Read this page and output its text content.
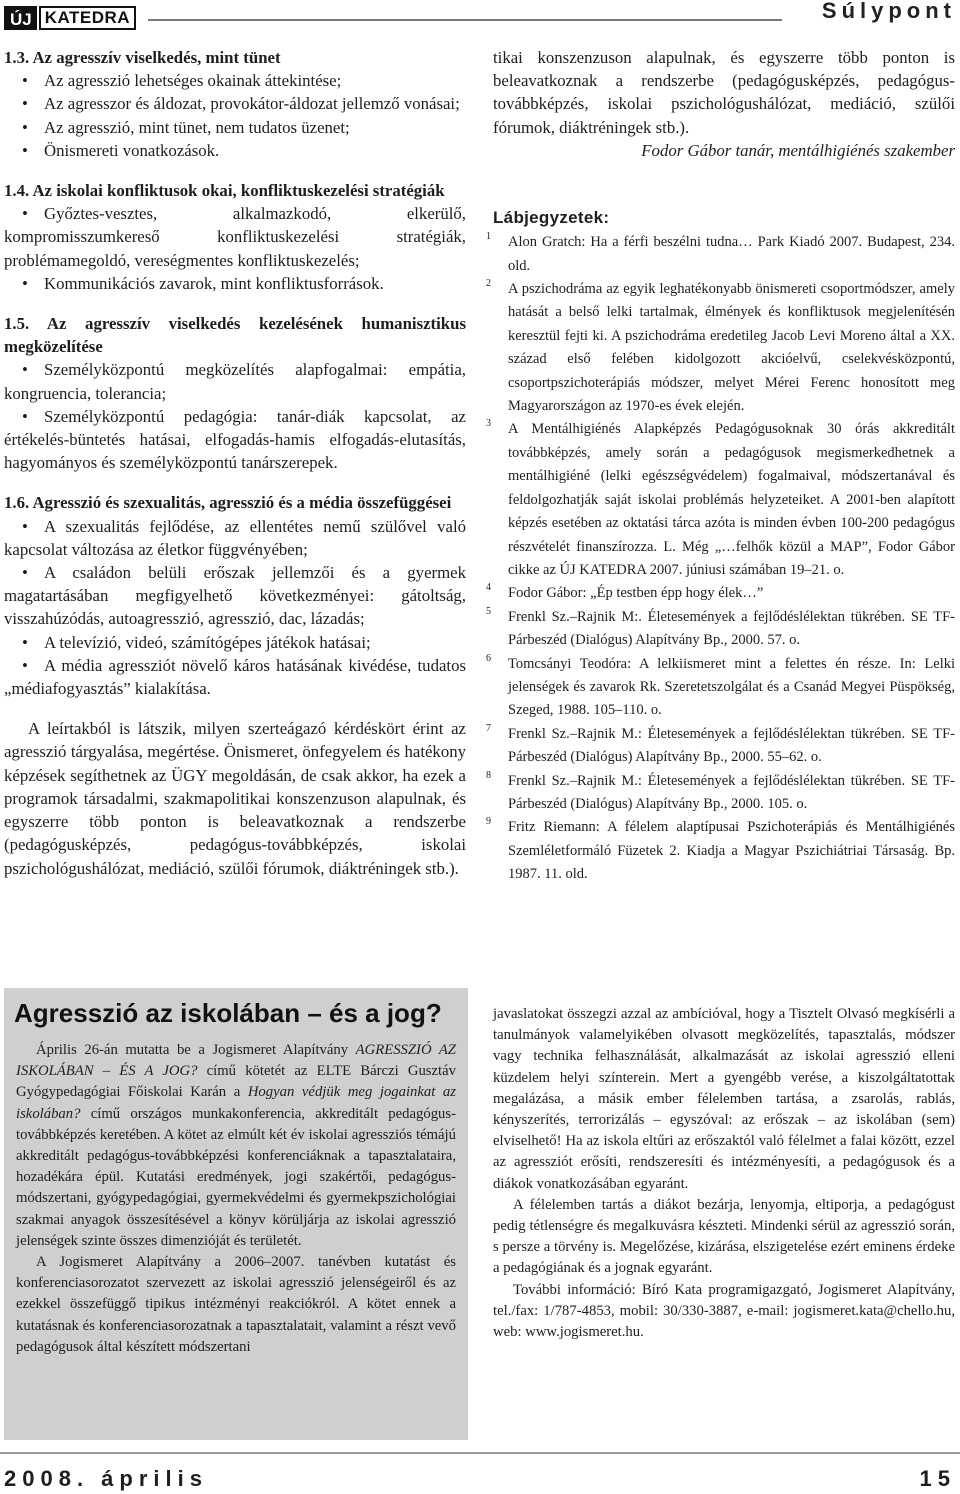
ÚJ KATEDRA	Súlypont

1.3. Az agresszív viselkedés, mint tünet

• Az agresszió lehetséges okainak áttekintése;

• Az agresszor és áldozat, provokátor-áldozat jellemző vonásai;

• Az agresszió, mint tünet, nem tudatos üzenet;

• Önismereti vonatkozások.

1.4. Az iskolai konfliktusok okai, konfliktuskezelési stratégiák

• Győztes-vesztes, alkalmazkodó, elkerülő, kompromisszumkereső konfliktuskezelési stratégiák, problémamegoldó, vereségmentes konfliktuskezelés;

• Kommunikációs zavarok, mint konfliktusforrások.

1.5. Az agresszív viselkedés kezelésének humanisztikus megközelítése

• Személyközpontú megközelítés alapfogalmai: empátia, kongruencia, tolerancia;

• Személyközpontú pedagógia: tanár-diák kapcsolat, az értékelés-büntetés hatásai, elfogadás-hamis elfogadás-elutasítás, hagyományos és személyközpontú tanárszerepek.

1.6. Agresszió és szexualitás, agresszió és a média összefüggései

• A szexualitás fejlődése, az ellentétes nemű szülővel való kapcsolat változása az életkor függvényében;

• A családon belüli erőszak jellemzői és a gyermek magatartásában megfigyelhető következményei: gátoltság, visszahúzódás, autoagresszió, agresszió, dac, lázadás;

• A televízió, videó, számítógépes játékok hatásai;

• A média agressziót növelő káros hatásának kivédése, tudatos „médiafogyasztás” kialakítása.

A leírtakból is látszik, milyen szerteágazó kérdéskört érint az agresszió tárgyalása, megértése. Önismeret, önfegyelem és hatékony képzések segíthetnek az ÜGY megoldásán, de csak akkor, ha ezek a programok társadalmi, szakmapolitikai konszenzuson alapulnak, és egyszerre több ponton is beleavatkoznak a rendszerbe (pedagógusképzés, pedagógus-továbbképzés, iskolai pszichológushálózat, mediáció, szülői fórumok, diáktréningek stb.).

tikai konszenzuson alapulnak, és egyszerre több ponton is beleavatkoznak a rendszerbe (pedagógusképzés, pedagógus-továbbképzés, iskolai pszichológushálózat, mediáció, szülői fórumok, diáktréningek stb.).

Fodor Gábor tanár, mentálhigiénés szakember

Lábjegyzetek:

1 Alon Gratch: Ha a férfi beszélni tudna… Park Kiadó 2007. Budapest, 234. old.

2 A pszichodráma az egyik leghatékonyabb önismereti csoportmódszer, amely hatását a belső lelki tartalmak, élmények és konfliktusok megjelenítésén keresztül fejti ki. A pszichodráma eredetileg Jacob Levi Moreno által a XX. század első felében kidolgozott akcióelvű, cselekvésközpontú, csoportpszichoterápiás módszer, melyet Mérei Ferenc honosított meg Magyarországon az 1970-es évek elején.

3 A Mentálhigiénés Alapképzés Pedagógusoknak 30 órás akkreditált továbbképzés, amely során a pedagógusok megismerkedhetnek a mentálhigiéné (lelki egészségvédelem) fogalmaival, módszertanával és feldolgozhatják saját iskolai problémás helyzeteiket. A 2001-ben alapított képzés esetében az oktatási tárca azóta is minden évben 100-200 pedagógus részvételét finanszírozza. L. Még „…felhők közül a MAP”, Fodor Gábor cikke az ÚJ KATEDRA 2007. júniusi számában 19–21. o.

4 Fodor Gábor: „Ép testben épp hogy élek…”

5 Frenkl Sz.–Rajnik M:. Életesemények a fejlődéslélektan tükrében. SE TF-Párbeszéd (Dialógus) Alapítvány Bp., 2000. 57. o.

6 Tomcsányi Teodóra: A lelkiismeret mint a felettes én része. In: Lelki jelenségek és zavarok Rk. Szeretetszolgálat és a Csanád Megyei Püspökség, Szeged, 1988. 105–110. o.

7 Frenkl Sz.–Rajnik M.: Életesemények a fejlődéslélektan tükrében. SE TF-Párbeszéd (Dialógus) Alapítvány Bp., 2000. 55–62. o.

8 Frenkl Sz.–Rajnik M.: Életesemények a fejlődéslélektan tükrében. SE TF-Párbeszéd (Dialógus) Alapítvány Bp., 2000. 105. o.

9 Fritz Riemann: A félelem alaptípusai Pszichoterápiás és Mentálhigiénés Szemléletformáló Füzetek 2. Kiadja a Magyar Pszichiátriai Társaság. Bp. 1987. 11. old.

Agresszió az iskolában – és a jog?

Április 26-án mutatta be a Jogismeret Alapítvány AGRESSZIÓ AZ ISKOLÁBAN – ÉS A JOG? című kötetét az ELTE Bárczi Gusztáv Gyógypedagógiai Főiskolai Karán a Hogyan védjük meg jogainkat az iskolában? című országos munkakonferencia, akkreditált pedagógus-továbbképzés keretében. A kötet az elmúlt két év iskolai agressziós témájú akkreditált pedagógus-továbbképzési konferenciáknak a tapasztalataira, hozadékára épül. Kutatási eredmények, jogi szakértői, pedagógus-módszertani, gyógypedagógiai, gyermekvédelmi és gyermekpszichológiai szakmai anyagok összesítésével a könyv körüljárja az iskolai agresszió jelenségek szinte összes dimenzióját és területét.

A Jogismeret Alapítvány a 2006–2007. tanévben kutatást és konferenciasorozatot szervezett az iskolai agresszió jelenségeiről és az ezekkel összefüggő tipikus intézményi reakciókról. A kötet ennek a kutatásnak és konferenciasorozatnak a tapasztalatait, valamint a részt vevő pedagógusok által készített módszertani

javaslatokat összegzi azzal az ambícióval, hogy a Tisztelt Olvasó megkísérli a tanulmányok valamelyikében olvasott megközelítés, tapasztalás, módszer vagy technika felhasználását, alkalmazását az iskolai agresszió elleni küzdelem helyi színterein. Mert a gyengébb verése, a kiszolgáltatottak megalázása, a másik ember félelemben tartása, a zsarolás, rablás, kényszerítés, terrorizálás – egyszóval: az erőszak – az iskolában (sem) elviselhető! Ha az iskola eltűri az erőszaktól való félelmet a falai között, ezzel az agressziót erősíti, rendszeresíti és intézményesíti, a pedagógusok és a diákok vonatkozásában egyaránt.

A félelemben tartás a diákot bezárja, lenyomja, eltiporja, a pedagógust pedig tétlenségre és megalkuvásra készteti. Mindenki sérül az agresszió során, s persze a törvény is. Megelőzése, kizárása, elszigetelése ezért eminens érdeke a pedagógiának és a jognak egyaránt.

További információ: Bíró Kata programigazgató, Jogismeret Alapítvány, tel./fax: 1/787-4853, mobil: 30/330-3887, e-mail: jogismeret.kata@chello.hu, web: www.jogismeret.hu.

2008. április	15
